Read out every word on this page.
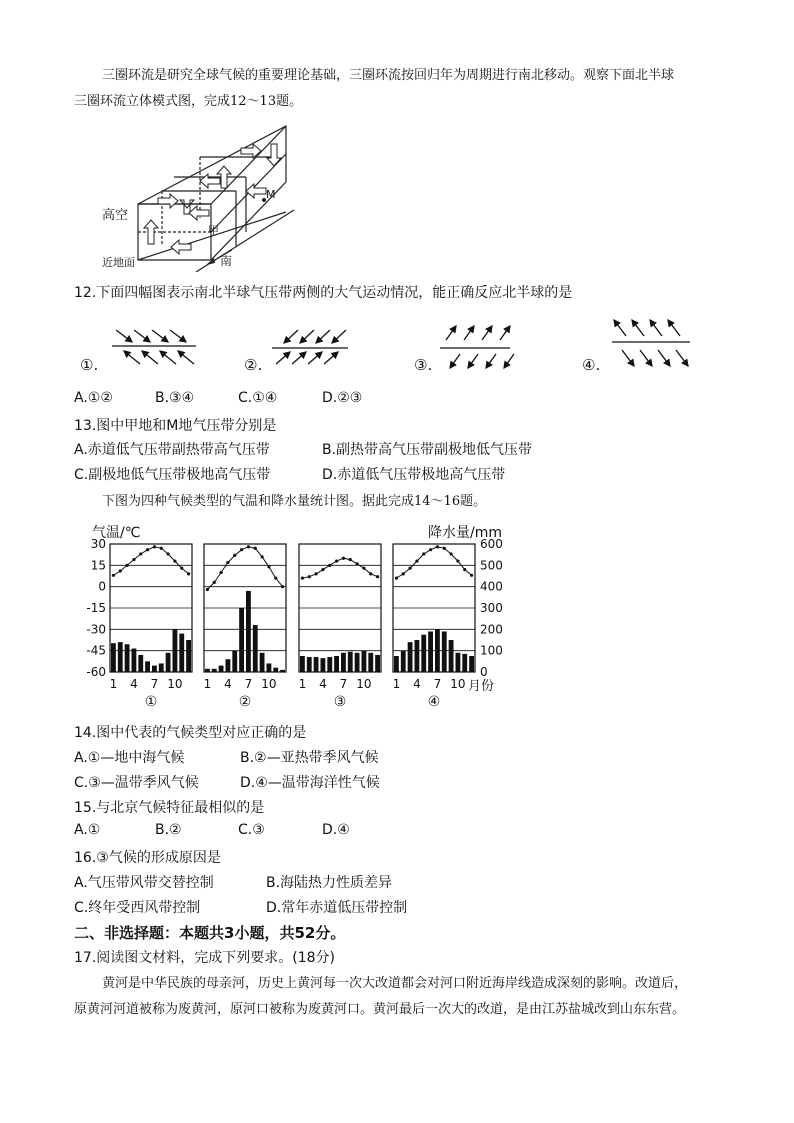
三圈环流是研究全球气候的重要理论基础，三圈环流按回归年为周期进行南北移动。观察下面北半球
三圈环流立体模式图，完成12～13题。
高空
近地面
甲
M
南
12.下面四幅图表示南北半球气压带两侧的大气运动情况，能正确反应北半球的是
①.	②.	③.	④.
A.①②	B.③④	C.①④	D.②③
13.图中甲地和M地气压带分别是
A.赤道低气压带副热带高气压带	B.副热带高气压带副极地低气压带
C.副极地低气压带极地高气压带	D.赤道低气压带极地高气压带
下图为四种气候类型的气温和降水量统计图。据此完成14～16题。
气温/℃	降水量/mm
30
15
0
-15
-30
-45
-60
600
500
400
300
200
100
0
1 4 7 10
①
1 4 7 10
②
1 4 7 10
③
1 4 7 10
④
月份
14.图中代表的气候类型对应正确的是
A.①—地中海气候	B.②—亚热带季风气候
C.③—温带季风气候	D.④—温带海洋性气候
15.与北京气候特征最相似的是
A.①	B.②	C.③	D.④
16.③气候的形成原因是
A.气压带风带交替控制	B.海陆热力性质差异
C.终年受西风带控制	D.常年赤道低压带控制
二、非选择题：本题共3小题，共52分。
17.阅读图文材料，完成下列要求。(18分)
黄河是中华民族的母亲河，历史上黄河每一次大改道都会对河口附近海岸线造成深刻的影响。改道后，
原黄河河道被称为废黄河，原河口被称为废黄河口。黄河最后一次大的改道，是由江苏盐城改到山东东营。
